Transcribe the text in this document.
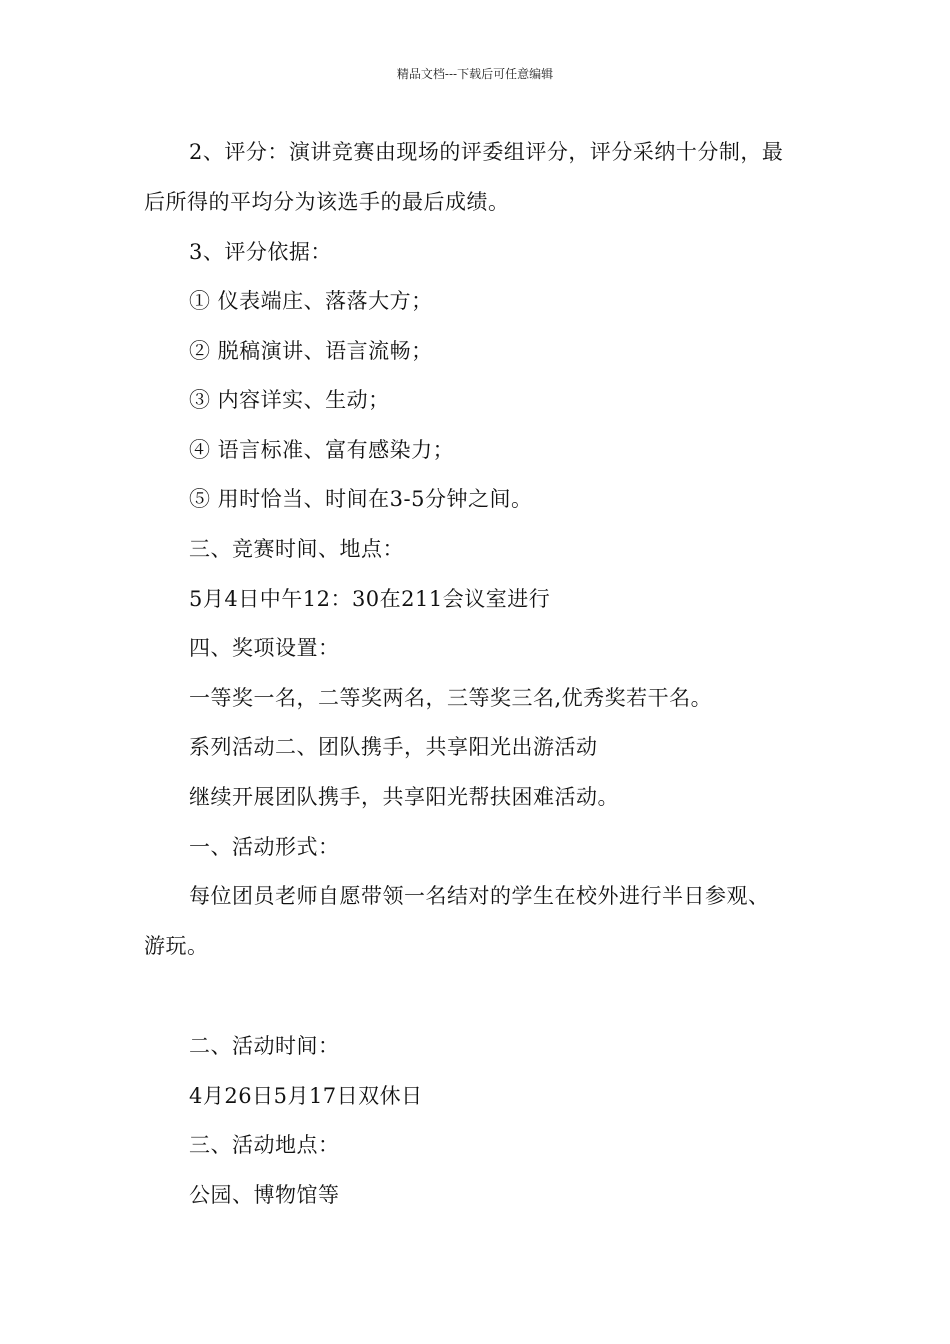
精品文档---下载后可任意编辑
2、评分：演讲竞赛由现场的评委组评分，评分采纳十分制，最
后所得的平均分为该选手的最后成绩。
3、评分依据：
① 仪表端庄、落落大方；
② 脱稿演讲、语言流畅；
③ 内容详实、生动；
④ 语言标准、富有感染力；
⑤ 用时恰当、时间在3-5分钟之间。
三、竞赛时间、地点：
5月4日中午12：30在211会议室进行
四、奖项设置：
一等奖一名，二等奖两名，三等奖三名,优秀奖若干名。
系列活动二、团队携手，共享阳光出游活动
继续开展团队携手，共享阳光帮扶困难活动。
一、活动形式：
每位团员老师自愿带领一名结对的学生在校外进行半日参观、
游玩。
二、活动时间：
4月26日5月17日双休日
三、活动地点：
公园、博物馆等
